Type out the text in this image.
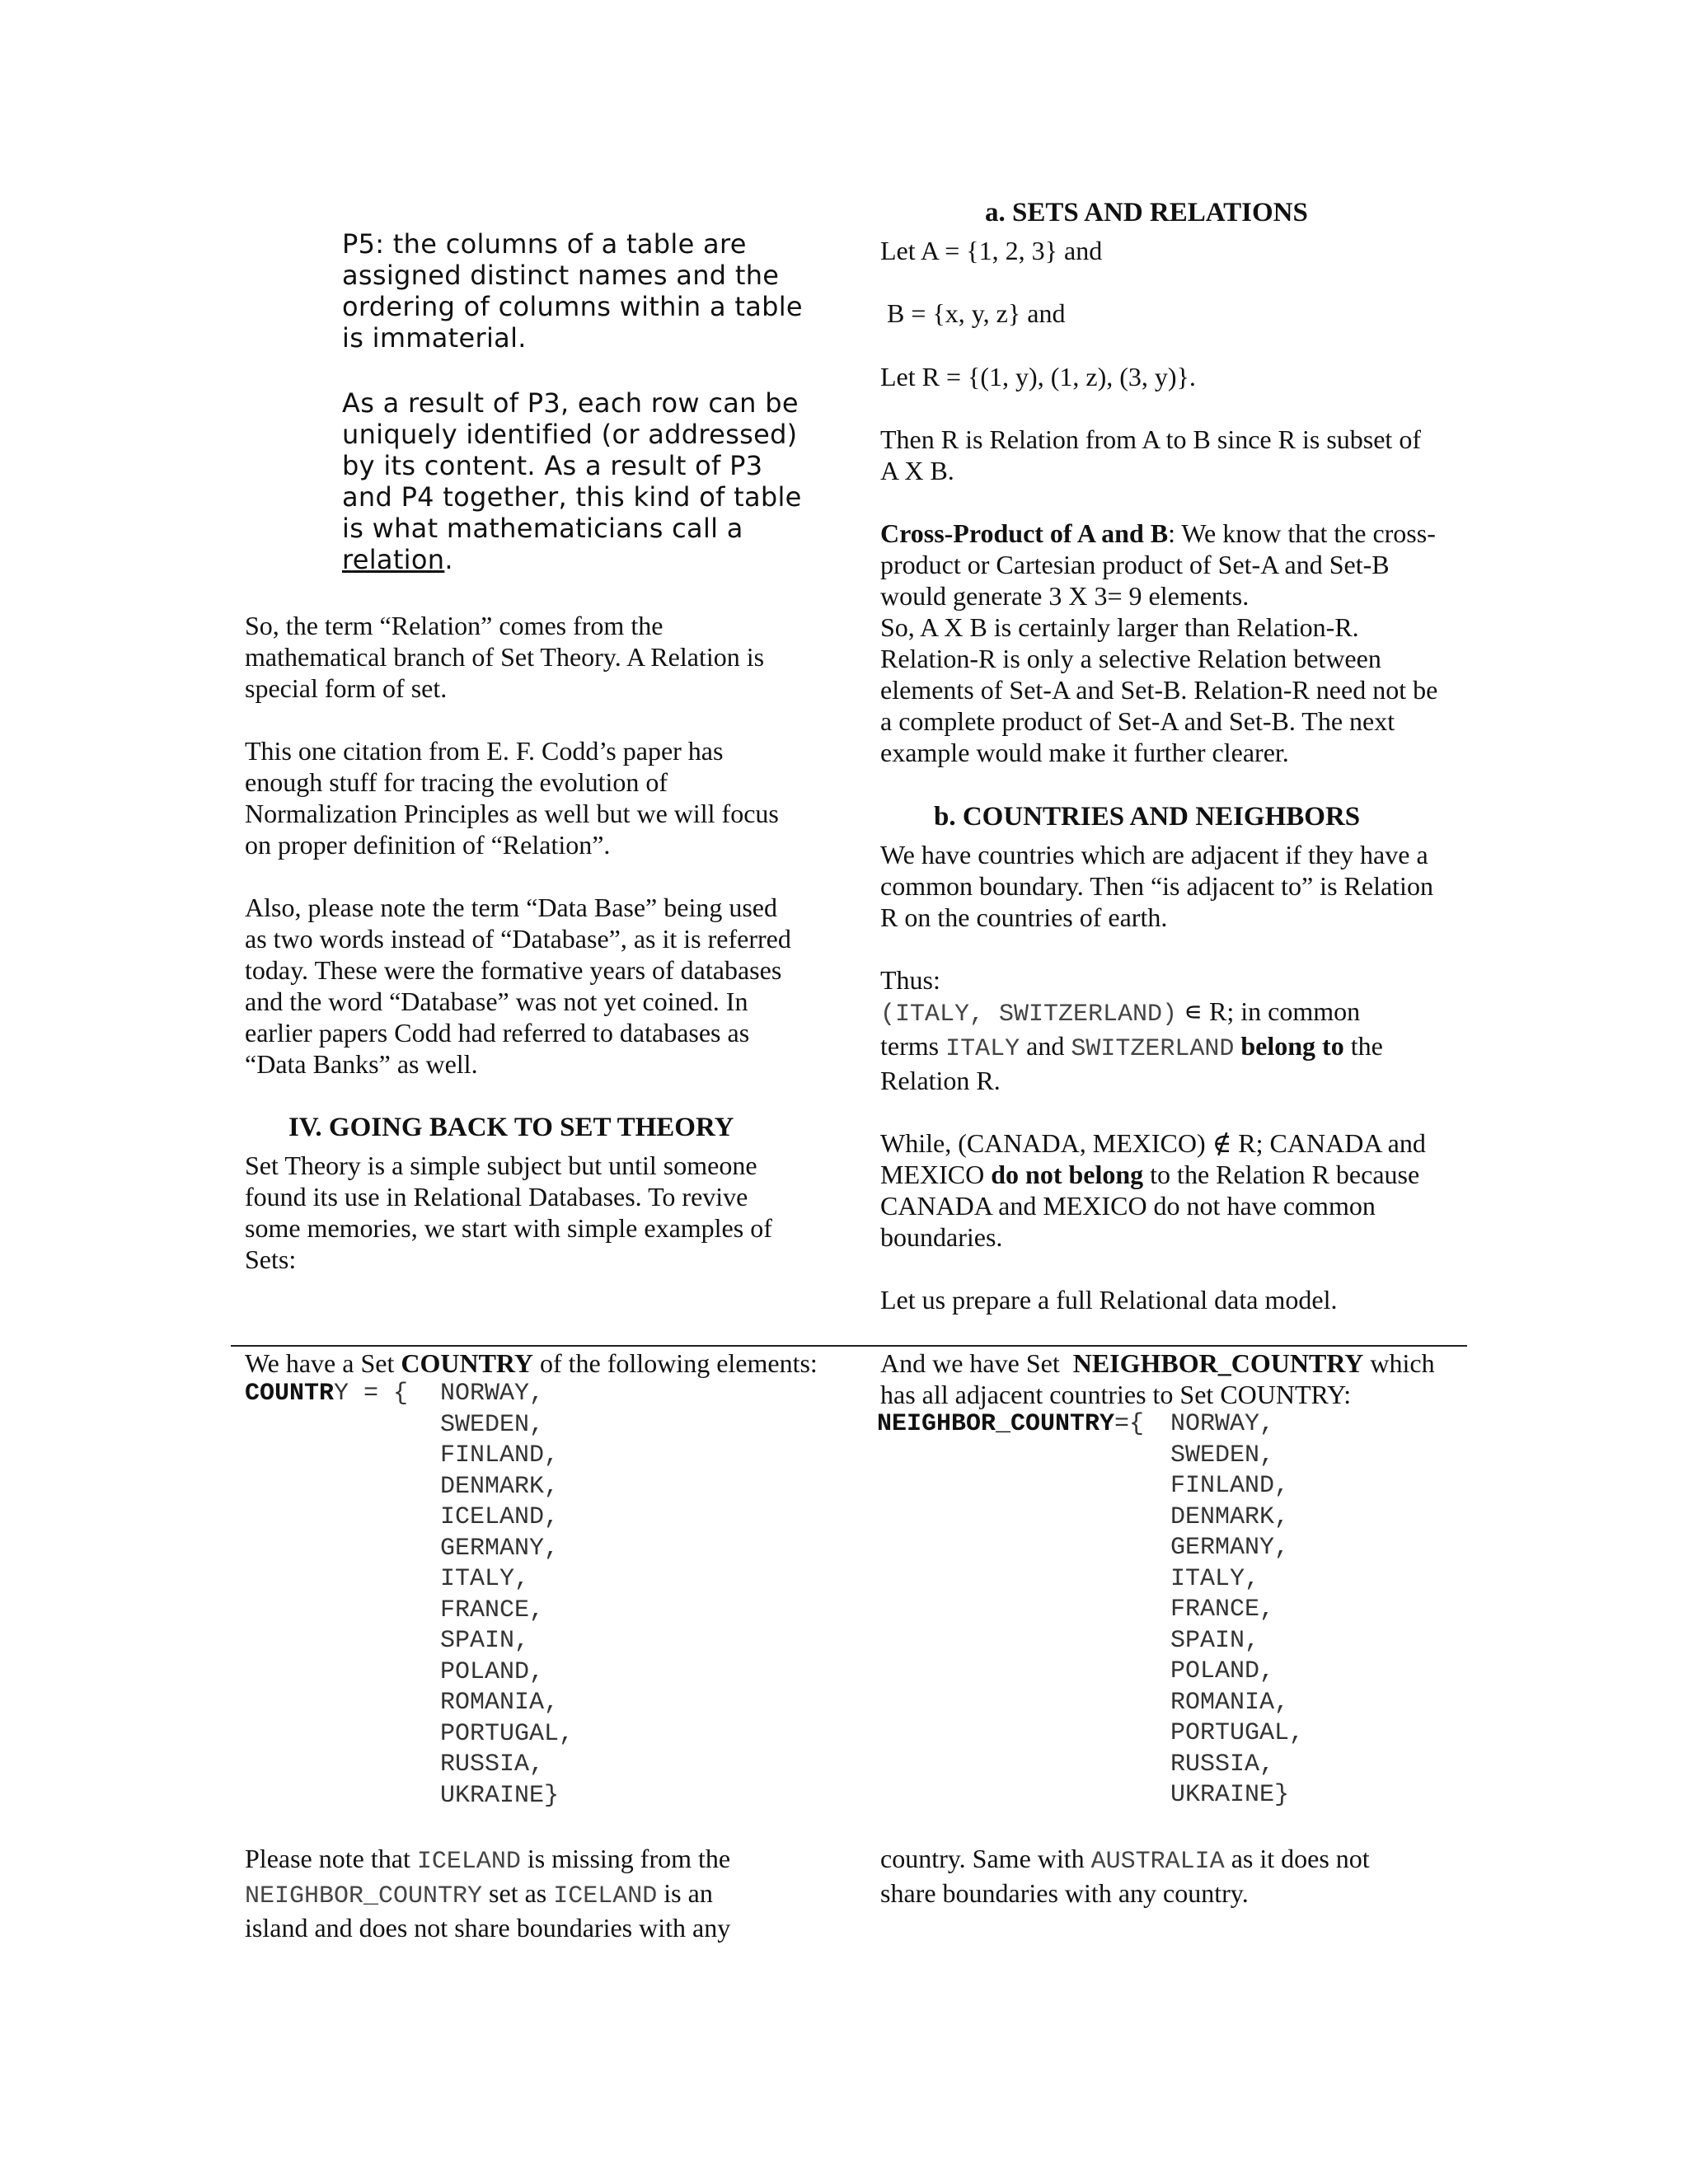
P5: the columns of a table are assigned distinct names and the ordering of columns within a table is immaterial.

As a result of P3, each row can be uniquely identified (or addressed) by its content. As a result of P3 and P4 together, this kind of table is what mathematicians call a relation.

So, the term “Relation” comes from the mathematical branch of Set Theory. A Relation is special form of set.

This one citation from E. F. Codd’s paper has enough stuff for tracing the evolution of Normalization Principles as well but we will focus on proper definition of “Relation”.

Also, please note the term “Data Base” being used as two words instead of “Database”, as it is referred today. These were the formative years of databases and the word “Database” was not yet coined. In earlier papers Codd had referred to databases as “Data Banks” as well.

IV. GOING BACK TO SET THEORY

Set Theory is a simple subject but until someone found its use in Relational Databases. To revive some memories, we start with simple examples of Sets:

a. SETS AND RELATIONS

Let A = {1, 2, 3} and

B = {x, y, z} and

Let R = {(1, y), (1, z), (3, y)}.

Then R is Relation from A to B since R is subset of A X B.

Cross-Product of A and B: We know that the cross-product or Cartesian product of Set-A and Set-B would generate 3 X 3= 9 elements.

So, A X B is certainly larger than Relation-R. Relation-R is only a selective Relation between elements of Set-A and Set-B. Relation-R need not be a complete product of Set-A and Set-B. The next example would make it further clearer.

b. COUNTRIES AND NEIGHBORS

We have countries which are adjacent if they have a common boundary. Then “is adjacent to” is Relation R on the countries of earth.

Thus:

(ITALY, SWITZERLAND) ∊ R; in common

terms ITALY and SWITZERLAND belong to the Relation R.

While, (CANADA, MEXICO) ∉ R; CANADA and MEXICO do not belong to the Relation R because CANADA and MEXICO do not have common boundaries.

Let us prepare a full Relational data model.

We have a Set COUNTRY of the following elements:

COUNTRY = { NORWAY,
SWEDEN,
FINLAND,
DENMARK,
ICELAND,
GERMANY,
ITALY,
FRANCE,
SPAIN,
POLAND,
ROMANIA,
PORTUGAL,
RUSSIA,
UKRAINE}

Please note that ICELAND is missing from the

NEIGHBOR_COUNTRY set as ICELAND is an

island and does not share boundaries with any

And we have Set  NEIGHBOR_COUNTRY which has all adjacent countries to Set COUNTRY:

NEIGHBOR_COUNTRY={ NORWAY,
SWEDEN,
FINLAND,
DENMARK,
GERMANY,
ITALY,
FRANCE,
SPAIN,
POLAND,
ROMANIA,
PORTUGAL,
RUSSIA,
UKRAINE}

country. Same with AUSTRALIA as it does not

share boundaries with any country.
